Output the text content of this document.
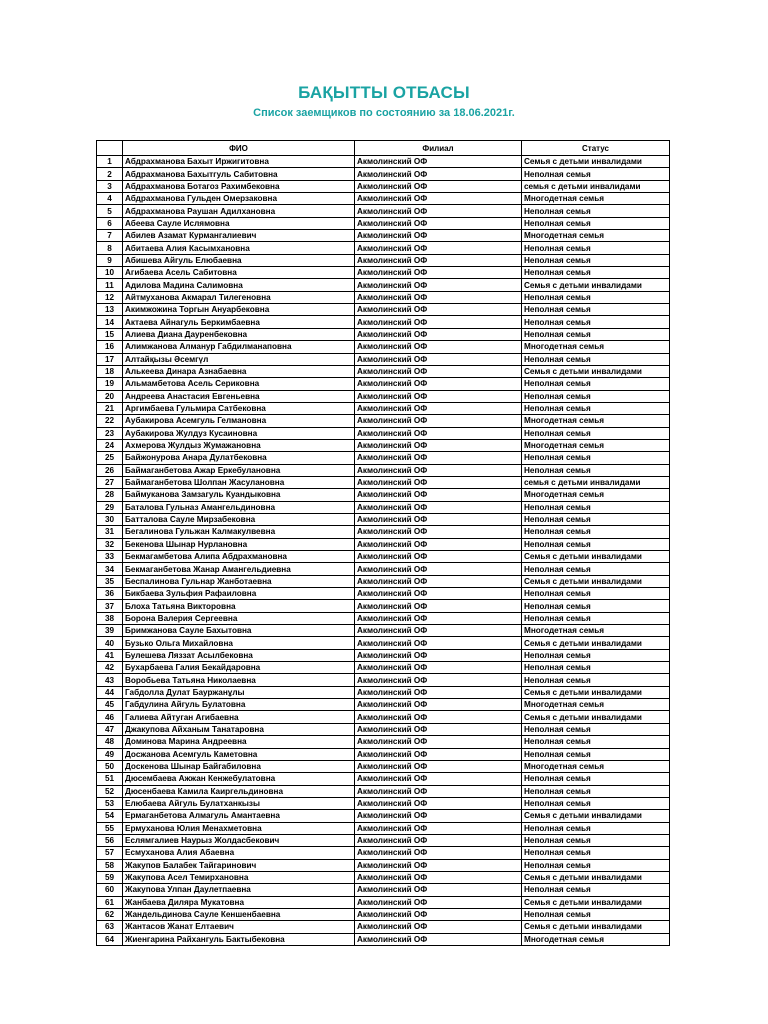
БАҚЫТТЫ ОТБАСЫ
Список заемщиков по состоянию за 18.06.2021г.
	ФИО	Филиал	Статус
1	Абдрахманова Бахыт Иржигитовна	Акмолинский ОФ	Семья с детьми инвалидами
2	Абдрахманова Бахытгуль Сабитовна	Акмолинский ОФ	Неполная семья
3	Абдрахманова Ботагоз Рахимбековна	Акмолинский ОФ	семья с детьми инвалидами
4	Абдрахманова Гульден Омерзаковна	Акмолинский ОФ	Многодетная семья
5	Абдрахманова Раушан Адилхановна	Акмолинский ОФ	Неполная семья
6	Абеева Сауле Ислямовна	Акмолинский ОФ	Неполная семья
7	Абилев Азамат Курмангалиевич	Акмолинский ОФ	Многодетная семья
8	Абитаева Алия Касымхановна	Акмолинский ОФ	Неполная семья
9	Абишева Айгуль Елюбаевна	Акмолинский ОФ	Неполная семья
10	Агибаева Асель Сабитовна	Акмолинский ОФ	Неполная семья
11	Адилова Мадина Салимовна	Акмолинский ОФ	Семья с детьми инвалидами
12	Айтмуханова Акмарал Тилегеновна	Акмолинский ОФ	Неполная семья
13	Акимжожина Торгын Ануарбековна	Акмолинский ОФ	Неполная семья
14	Актаева Айнагуль Беркимбаевна	Акмолинский ОФ	Неполная семья
15	Алиева Диана Дауренбековна	Акмолинский ОФ	Неполная семья
16	Алимжанова Алманур Габдилманаповна	Акмолинский ОФ	Многодетная семья
17	Алтайқызы Әсемгүл	Акмолинский ОФ	Неполная семья
18	Алькеева Динара Азнабаевна	Акмолинский ОФ	Семья с детьми инвалидами
19	Альмамбетова Асель Сериковна	Акмолинский ОФ	Неполная семья
20	Андреева Анастасия Евгеньевна	Акмолинский ОФ	Неполная семья
21	Аргимбаева Гульмира Сатбековна	Акмолинский ОФ	Неполная семья
22	Аубакирова Асемгуль Гелмановна	Акмолинский ОФ	Многодетная семья
23	Аубакирова Жулдуз Кусаиновна	Акмолинский ОФ	Неполная семья
24	Ахмерова Жулдыз Жумажановна	Акмолинский ОФ	Многодетная семья
25	Байжонурова Анара Дулатбековна	Акмолинский ОФ	Неполная семья
26	Баймаганбетова Ажар Еркебулановна	Акмолинский ОФ	Неполная семья
27	Баймаганбетова Шолпан Жасулановна	Акмолинский ОФ	семья с детьми инвалидами
28	Баймуканова Замзагуль Куандыковна	Акмолинский ОФ	Многодетная семья
29	Баталова Гульназ Амангельдиновна	Акмолинский ОФ	Неполная семья
30	Батталова Сауле Мирзабековна	Акмолинский ОФ	Неполная семья
31	Бегалинова Гульжан Калмакулвевна	Акмолинский ОФ	Неполная семья
32	Бекенова Шынар Нурлановна	Акмолинский ОФ	Неполная семья
33	Бекмагамбетова Алипа Абдрахмановна	Акмолинский ОФ	Семья с детьми инвалидами
34	Бекмаганбетова Жанар Амангельдиевна	Акмолинский ОФ	Неполная семья
35	Беспалинова Гульнар Жанботаевна	Акмолинский ОФ	Семья с детьми инвалидами
36	Бикбаева Зульфия Рафаиловна	Акмолинский ОФ	Неполная семья
37	Блоха Татьяна Викторовна	Акмолинский ОФ	Неполная семья
38	Борона Валерия Сергеевна	Акмолинский ОФ	Неполная семья
39	Бримжанова Сауле Бахытовна	Акмолинский ОФ	Многодетная семья
40	Бузько Ольга Михайловна	Акмолинский ОФ	Семья с детьми инвалидами
41	Булешева Ляззат Асылбековна	Акмолинский ОФ	Неполная семья
42	Бухарбаева Галия Бекайдаровна	Акмолинский ОФ	Неполная семья
43	Воробьева Татьяна Николаевна	Акмолинский ОФ	Неполная семья
44	Габдолла Дулат Бауржанұлы	Акмолинский ОФ	Семья с детьми инвалидами
45	Габдулина Айгуль Булатовна	Акмолинский ОФ	Многодетная семья
46	Галиева Айтуган Агибаевна	Акмолинский ОФ	Семья с детьми инвалидами
47	Джакупова Айханым Танатаровна	Акмолинский ОФ	Неполная семья
48	Доминова Марина Андреевна	Акмолинский ОФ	Неполная семья
49	Досжанова Асемгуль Каметовна	Акмолинский ОФ	Неполная семья
50	Доскенова Шынар Байгабиловна	Акмолинский ОФ	Многодетная семья
51	Дюсембаева Ажжан Кенжебулатовна	Акмолинский ОФ	Неполная семья
52	Дюсенбаева Камила Каиргельдиновна	Акмолинский ОФ	Неполная семья
53	Елюбаева Айгуль Булатханкызы	Акмолинский ОФ	Неполная семья
54	Ермаганбетова Алмагуль Амантаевна	Акмолинский ОФ	Семья с детьми инвалидами
55	Ермуханова Юлия Менахметовна	Акмолинский ОФ	Неполная семья
56	Еслямгалиев Наурыз Жолдасбекович	Акмолинский ОФ	Неполная семья
57	Есмуханова Алия Абаевна	Акмолинский ОФ	Неполная семья
58	Жакупов Балабек Тайгаринович	Акмолинский ОФ	Неполная семья
59	Жакупова Асел Темирхановна	Акмолинский ОФ	Семья с детьми инвалидами
60	Жакупова Улпан Даулетпаевна	Акмолинский ОФ	Неполная семья
61	Жанбаева Диляра Мукатовна	Акмолинский ОФ	Семья с детьми инвалидами
62	Жандельдинова Сауле Кеншенбаевна	Акмолинский ОФ	Неполная семья
63	Жантасов Жанат Елтаевич	Акмолинский ОФ	Семья с детьми инвалидами
64	Жиенгарина Райхангуль Бактыбековна	Акмолинский ОФ	Многодетная семья
